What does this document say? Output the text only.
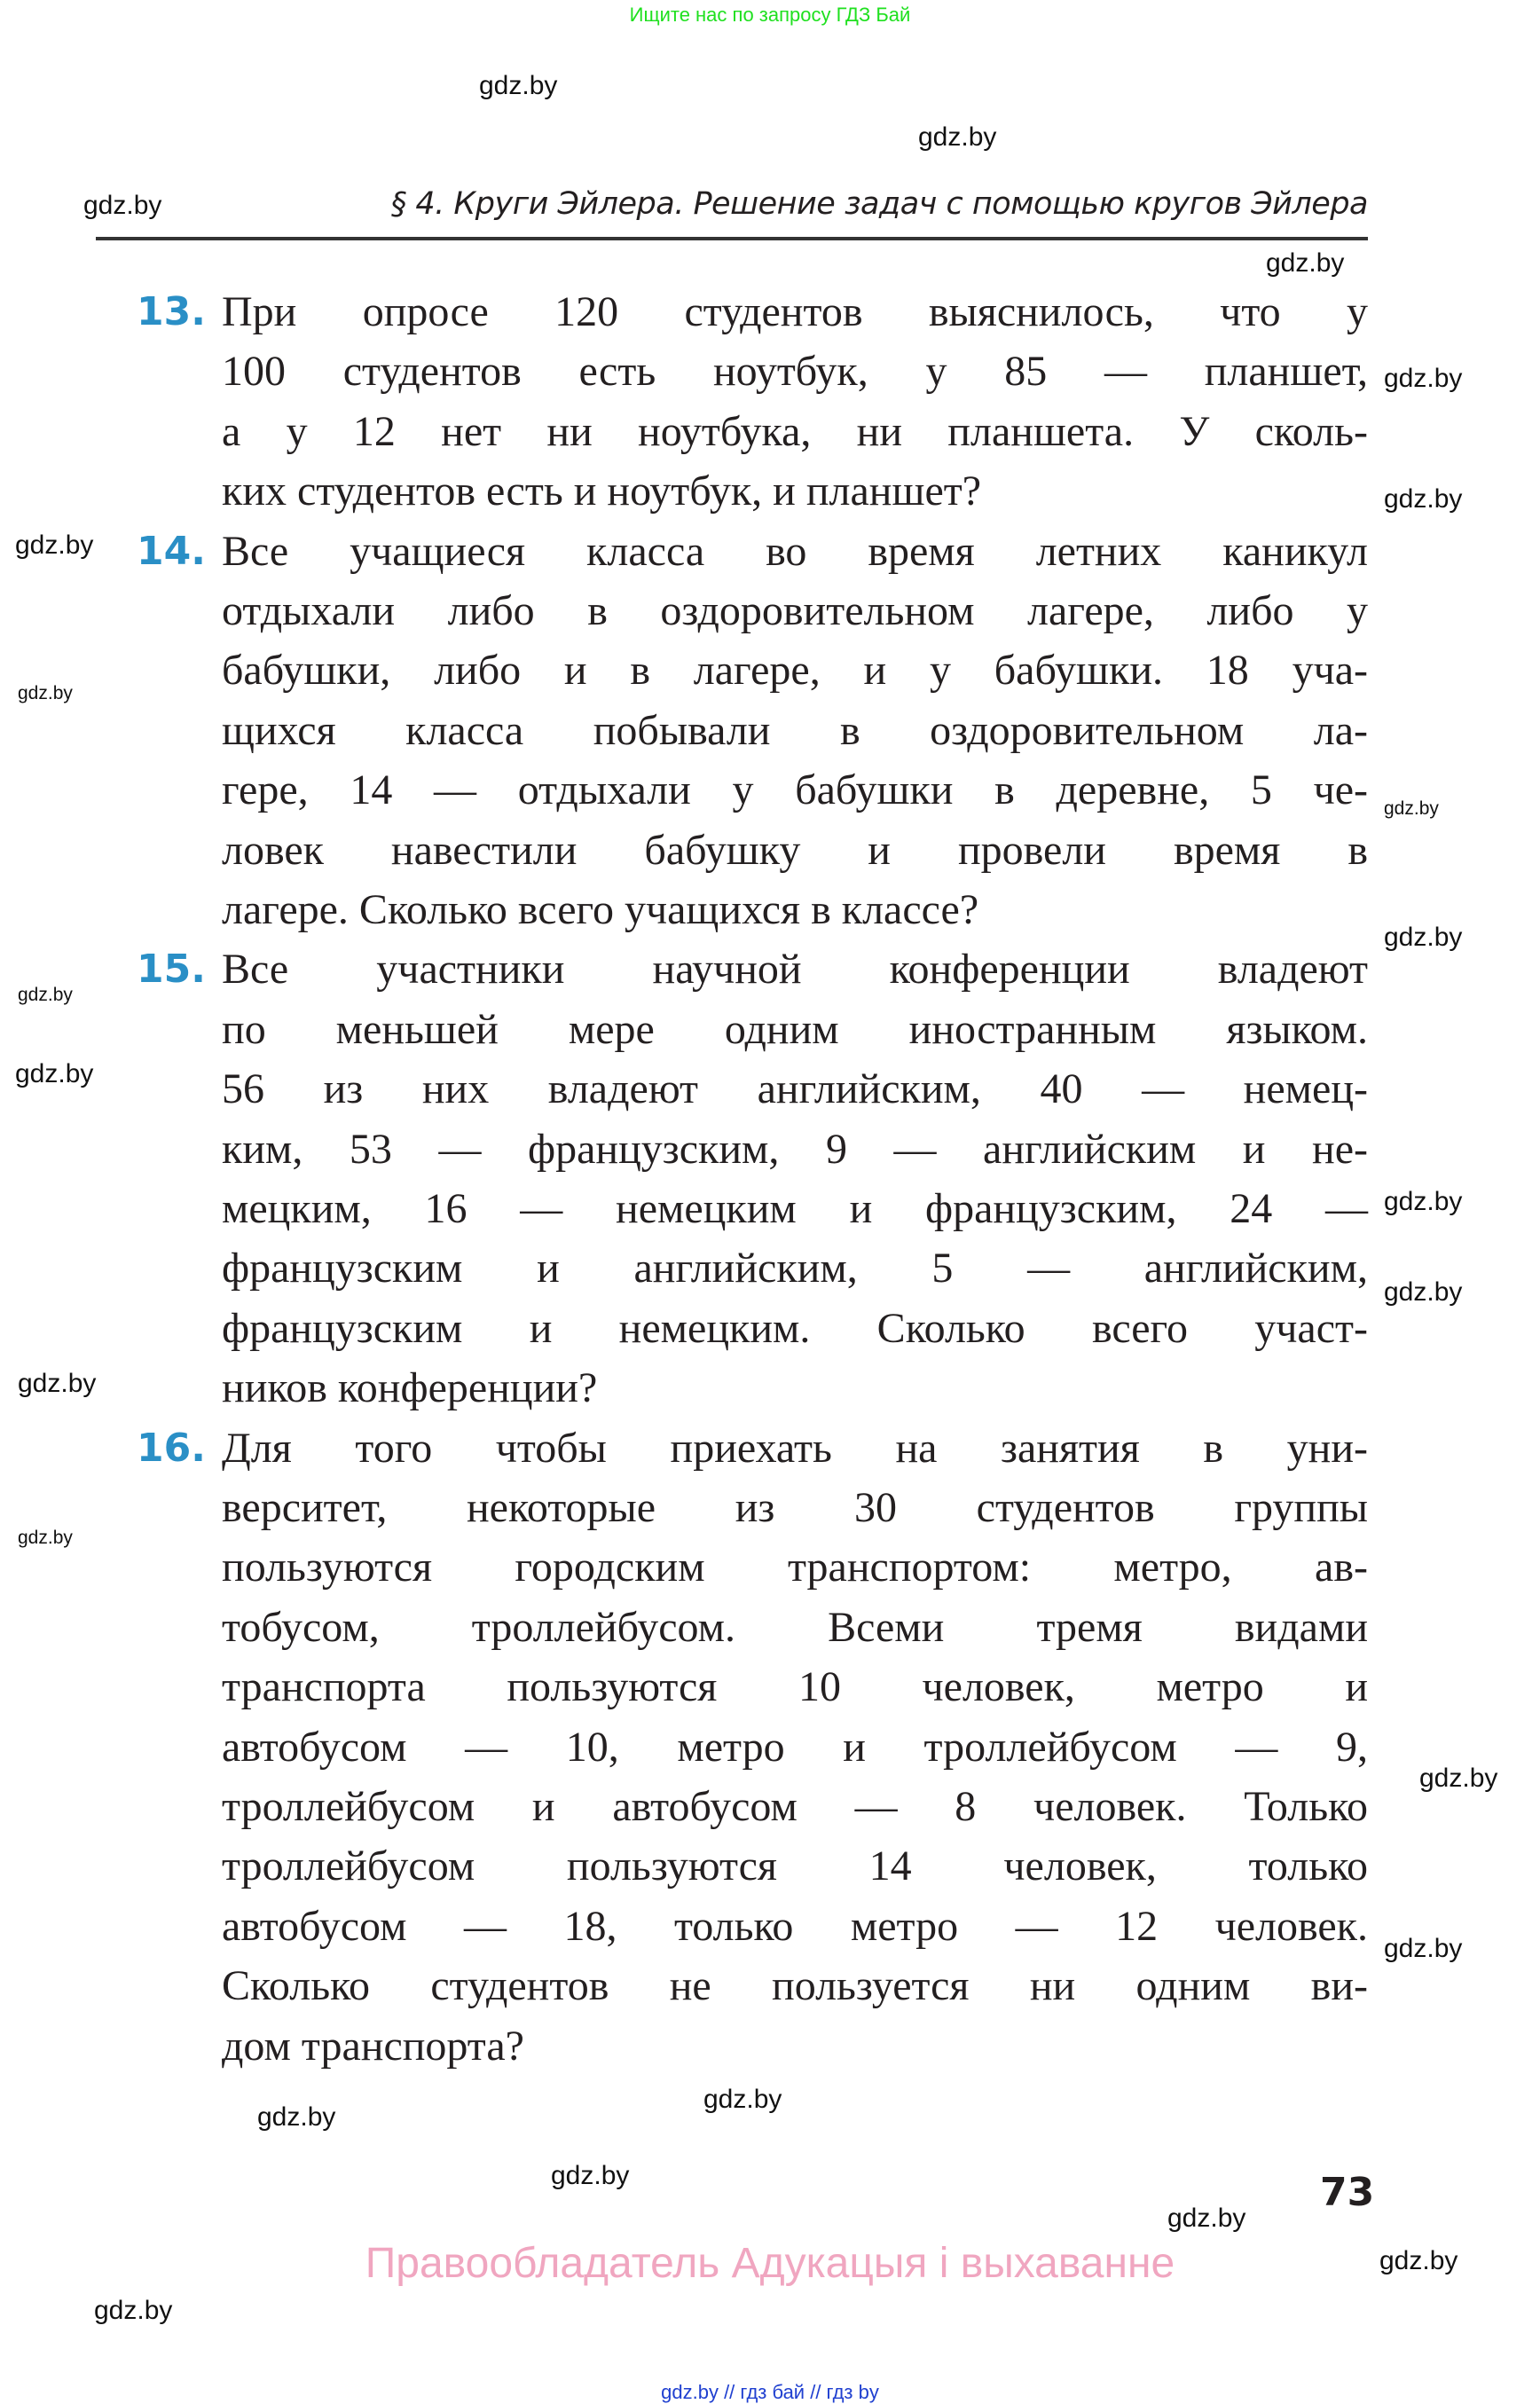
Ищите нас по запросу ГДЗ Бай
§ 4. Круги Эйлера. Решение задач с помощью кругов Эйлера
13. При опросе 120 студентов выяснилось, что у
100 студентов есть ноутбук, у 85 — планшет,
а у 12 нет ни ноутбука, ни планшета. У сколь-
ких студентов есть и ноутбук, и планшет?
14. Все учащиеся класса во время летних каникул
отдыхали либо в оздоровительном лагере, либо у
бабушки, либо и в лагере, и у бабушки. 18 уча-
щихся класса побывали в оздоровительном ла-
гере, 14 — отдыхали у бабушки в деревне, 5 че-
ловек навестили бабушку и провели время в
лагере. Сколько всего учащихся в классе?
15. Все участники научной конференции владеют
по меньшей мере одним иностранным языком.
56 из них владеют английским, 40 — немец-
ким, 53 — французским, 9 — английским и не-
мецким, 16 — немецким и французским, 24 —
французским и английским, 5 — английским,
французским и немецким. Сколько всего участ-
ников конференции?
16. Для того чтобы приехать на занятия в уни-
верситет, некоторые из 30 студентов группы
пользуются городским транспортом: метро, ав-
тобусом, троллейбусом. Всеми тремя видами
транспорта пользуются 10 человек, метро и
автобусом — 10, метро и троллейбусом — 9,
троллейбусом и автобусом — 8 человек. Только
троллейбусом пользуются 14 человек, только
автобусом — 18, только метро — 12 человек.
Сколько студентов не пользуется ни одним ви-
дом транспорта?
73
Правообладатель Адукацыя і выхаванне
gdz.by // гдз бай // гдз by
gdz.by
gdz.by
gdz.by
gdz.by
gdz.by
gdz.by
gdz.by
gdz.by
gdz.by
gdz.by
gdz.by
gdz.by
gdz.by
gdz.by
gdz.by
gdz.by
gdz.by
gdz.by
gdz.by
gdz.by
gdz.by
gdz.by
gdz.by
gdz.by
